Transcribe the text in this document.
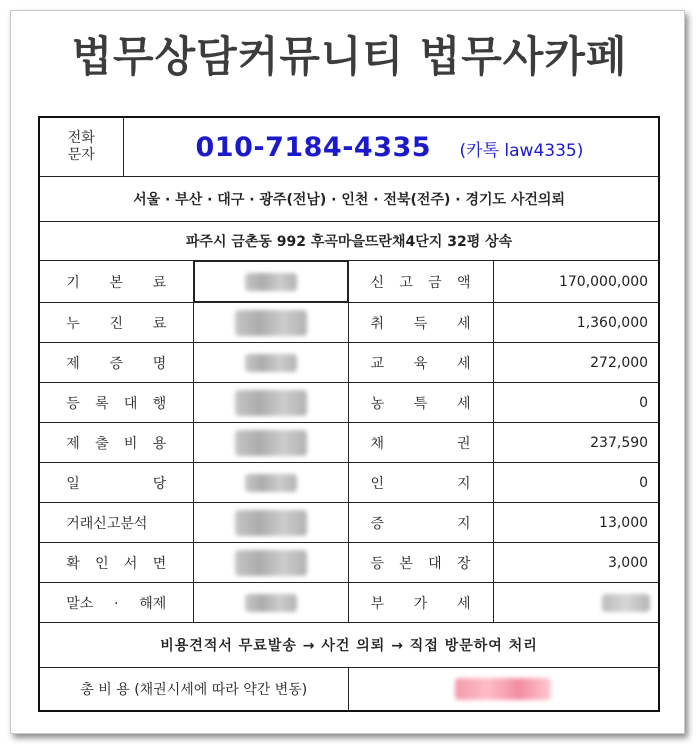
법무상담커뮤니티 법무사카페
전화
문자	010-7184-4335 (카톡 law4335)			
서울 · 부산 · 대구 · 광주(전남) · 인천 · 전북(전주) · 경기도 사건의뢰				
파주시 금촌동 992 후곡마을뜨란채4단지 32평 상속				
기 본 료		신 고 금 액	170,000,000
누 진 료			취 득 세	1,360,000
제 증 명			교 육 세	272,000
등 록 대 행			농 특 세	0
제 출 비 용			채 권	237,590
일 당			인 지	0
거래신고분석			증 지	13,000
확 인 서 면			등 본 대 장	3,000
말소 · 해제			부 가 세	

비용견적서 무료발송 → 사건 의뢰 → 직접 방문하여 처리				
총 비 용 (채권시세에 따라 약간 변동)				
